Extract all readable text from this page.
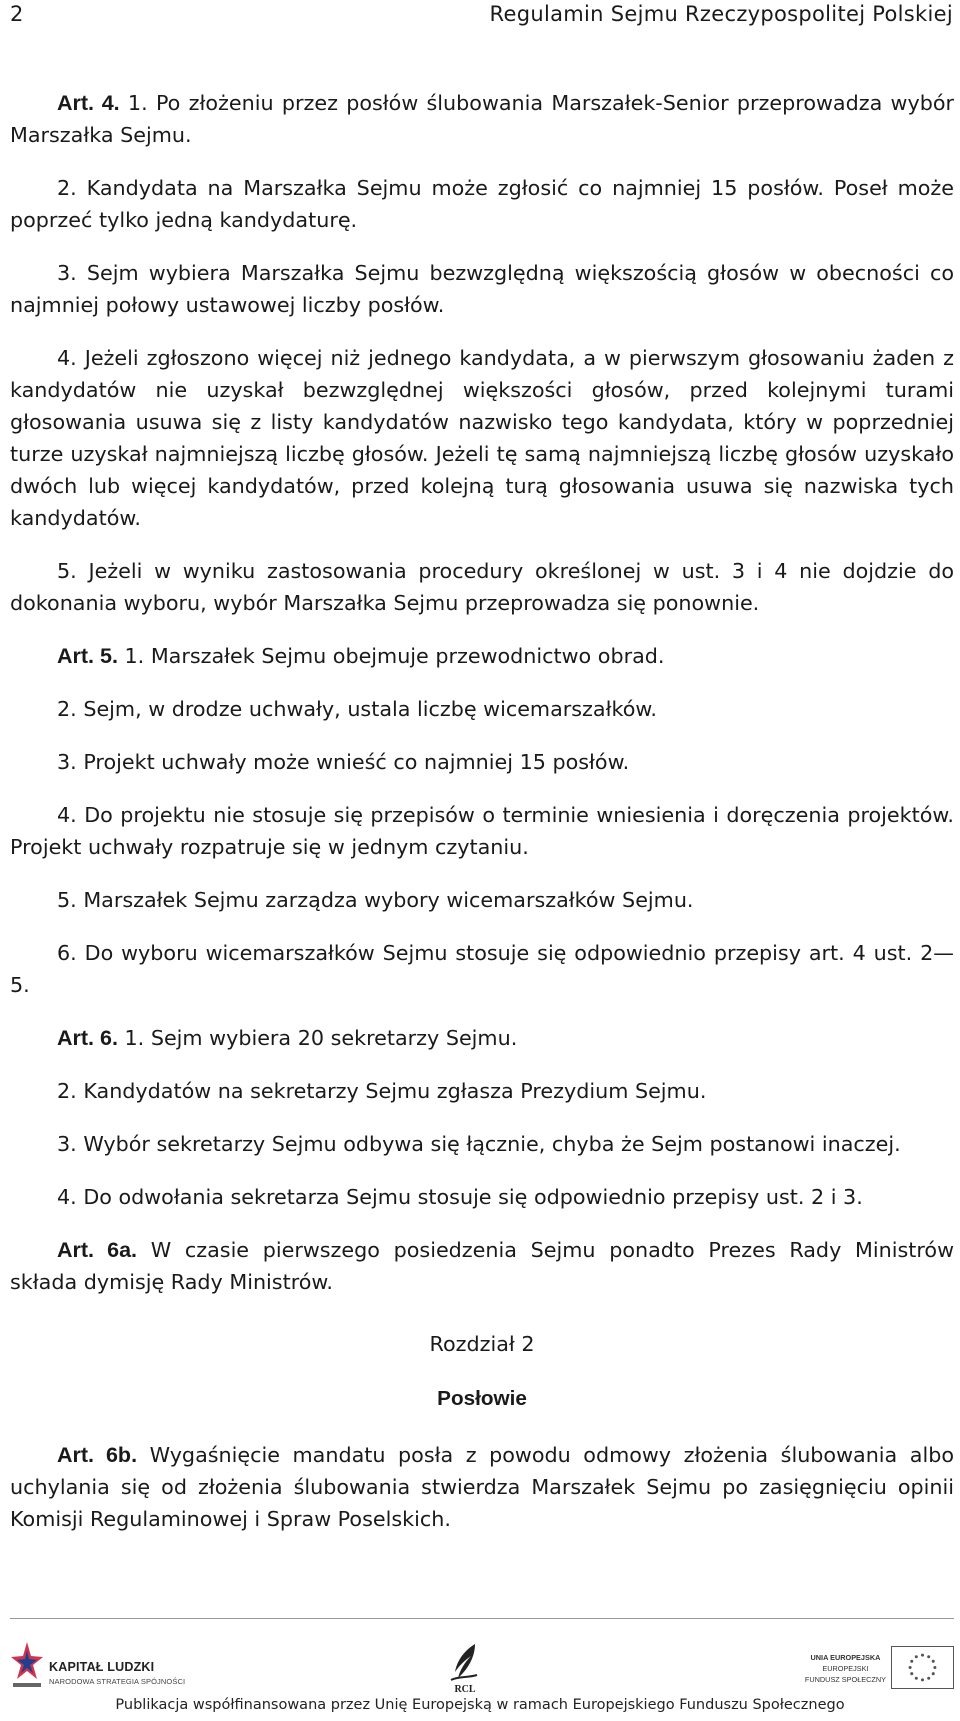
2	Regulamin Sejmu Rzeczypospolitej Polskiej

Art. 4. 1. Po złożeniu przez posłów ślubowania Marszałek-Senior przeprowadza wybór Marszałka Sejmu.

2. Kandydata na Marszałka Sejmu może zgłosić co najmniej 15 posłów. Poseł może poprzeć tylko jedną kandydaturę.

3. Sejm wybiera Marszałka Sejmu bezwzględną większością głosów w obecności co najmniej połowy ustawowej liczby posłów.

4. Jeżeli zgłoszono więcej niż jednego kandydata, a w pierwszym głosowaniu żaden z kandydatów nie uzyskał bezwzględnej większości głosów, przed kolejnymi turami głosowania usuwa się z listy kandydatów nazwisko tego kandydata, który w poprzedniej turze uzyskał najmniejszą liczbę głosów. Jeżeli tę samą najmniejszą liczbę głosów uzyskało dwóch lub więcej kandydatów, przed kolejną turą głosowania usuwa się nazwiska tych kandydatów.

5. Jeżeli w wyniku zastosowania procedury określonej w ust. 3 i 4 nie dojdzie do dokonania wyboru, wybór Marszałka Sejmu przeprowadza się ponownie.

Art. 5. 1. Marszałek Sejmu obejmuje przewodnictwo obrad.

2. Sejm, w drodze uchwały, ustala liczbę wicemarszałków.

3. Projekt uchwały może wnieść co najmniej 15 posłów.

4. Do projektu nie stosuje się przepisów o terminie wniesienia i doręczenia projektów. Projekt uchwały rozpatruje się w jednym czytaniu.

5. Marszałek Sejmu zarządza wybory wicemarszałków Sejmu.

6. Do wyboru wicemarszałków Sejmu stosuje się odpowiednio przepisy art. 4 ust. 2—5.

Art. 6. 1. Sejm wybiera 20 sekretarzy Sejmu.

2. Kandydatów na sekretarzy Sejmu zgłasza Prezydium Sejmu.

3. Wybór sekretarzy Sejmu odbywa się łącznie, chyba że Sejm postanowi inaczej.

4. Do odwołania sekretarza Sejmu stosuje się odpowiednio przepisy ust. 2 i 3.

Art. 6a. W czasie pierwszego posiedzenia Sejmu ponadto Prezes Rady Ministrów składa dymisję Rady Ministrów.

Rozdział 2

Posłowie

Art. 6b. Wygaśnięcie mandatu posła z powodu odmowy złożenia ślubowania albo uchylania się od złożenia ślubowania stwierdza Marszałek Sejmu po zasięgnięciu opinii Komisji Regulaminowej i Spraw Poselskich.

KAPITAŁ LUDZKI
NARODOWA STRATEGIA SPÓJNOŚCI
RCL
UNIA EUROPEJSKA
EUROPEJSKI
FUNDUSZ SPOŁECZNY
Publikacja współfinansowana przez Unię Europejską w ramach Europejskiego Funduszu Społecznego
